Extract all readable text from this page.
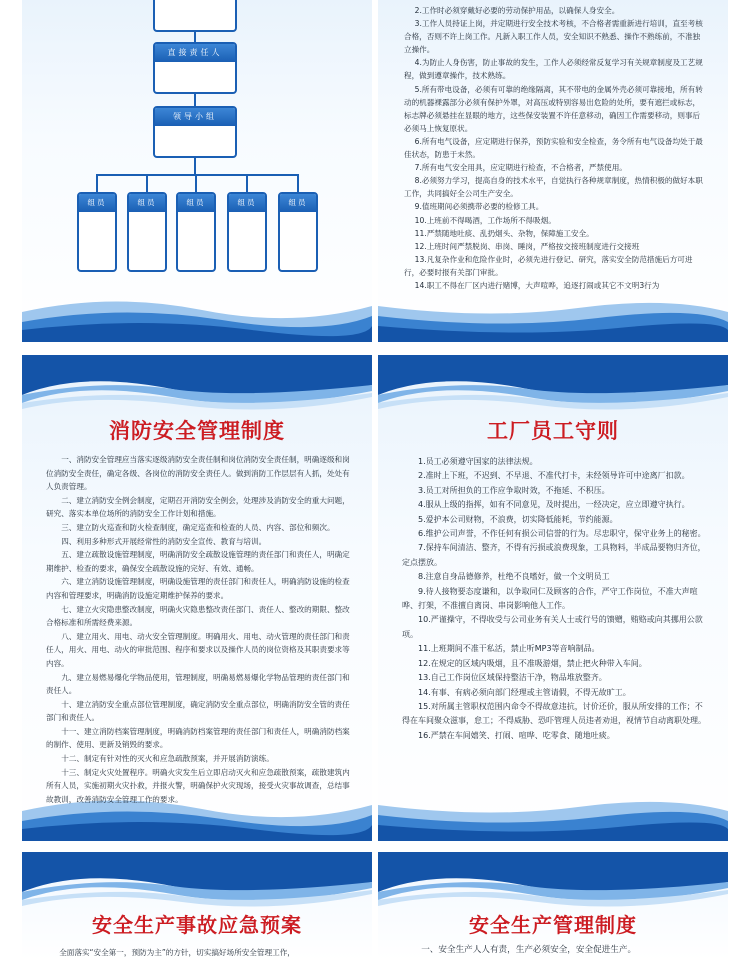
直接责任人
领导小组
组员	组员	组员	组员	组员

2.工作时必须穿戴好必要的劳动保护用品，以确保人身安全。

3.工作人员持证上岗，并定期进行安全技术考核，不合格者需重新进行培训，直至考核合格，否则不许上岗工作。凡新入职工作人员，安全知识不熟悉、操作不熟练前，不准独立操作。

4.为防止人身伤害，防止事故的发生，工作人必须经常反复学习有关规章制度及工艺规程，做到遵章操作，技术熟练。

5.所有带电设备，必须有可靠的绝缘隔离，其不带电的金属外壳必须可靠接地，所有转动的机器裸露部分必须有保护外罩，对高压或特别容易出危险的处所，要有遮拦或标志，标志牌必须悬挂在显眼的地方，这些保安装置不许任意移动，确因工作需要移动，则事后必须马上恢复原状。

6.所有电气设备，应定期进行保养，预防实验和安全检查，务令所有电气设备均处于最佳状态，防患于未然。

7.所有电气安全用具，应定期进行检查，不合格者，严禁使用。

8.必须努力学习，提高自身的技术水平，自觉执行各种规章制度，热情积极的做好本职工作，共同搞好全公司生产安全。

9.值班期间必须携带必要的检修工具。

10.上班前不得喝酒，工作场所不得吸烟。

11.严禁随地吐痰、乱扔烟头、杂物，保障施工安全。

12.上班时间严禁脱岗、串岗、睡岗，严格按交接班制度进行交接班

13.凡复杂作业和危险作业时，必须先进行登记、研究，落实安全防范措施后方可进行，必要时报有关部门审批。

14.职工不得在厂区内进行赌博，大声喧哗，追逐打闹或其它不文明3行为

消防安全管理制度

一、消防安全管理应当落实逐级消防安全责任制和岗位消防安全责任制，明确逐级和岗位消防安全责任，确定各级、各岗位的消防安全责任人。做到消防工作层层有人抓，处处有人负责管理。

二、建立消防安全例会制度，定期召开消防安全例会，处理涉及消防安全的重大问题，研究、落实本单位场所的消防安全工作计划和措施。

三、建立防火巡查和防火检查制度，确定巡查和检查的人员、内容、部位和频次。

四、利用多种形式开展经常性的消防安全宣传、教育与培训。

五、建立疏散设施管理制度，明确消防安全疏散设施管理的责任部门和责任人，明确定期维护、检查的要求，确保安全疏散设施的完好、有效、通畅。

六、建立消防设施管理制度，明确设施管理的责任部门和责任人，明确消防设施的检查内容和管理要求，明确消防设施定期维护保养的要求。

七、建立火灾隐患整改制度，明确火灾隐患整改责任部门、责任人、整改的期限、整改合格标准和所需经费来源。

八、建立用火、用电、动火安全管理制度。明确用火、用电、动火管理的责任部门和责任人，用火、用电、动火的审批范围、程序和要求以及操作人员的岗位资格及其职责要求等内容。

九、建立易燃易爆化学物品使用，管理制度，明确易燃易爆化学物品管理的责任部门和责任人。

十、建立消防安全重点部位管理制度，确定消防安全重点部位，明确消防安全管的责任部门和责任人。

十一、建立消防档案管理制度，明确消防档案管理的责任部门和责任人，明确消防档案的制作、使用、更新及销毁的要求。

十二、制定有针对性的灭火和应急疏散预案，并开展消防演练。

十三、制定火灾处置程序。明确火灾发生后立即启动灭火和应急疏散预案，疏散建筑内所有人员，实施初期火灾扑救，并报火警，明确保护火灾现场，接受火灾事故调查，总结事故教训，改善消防安全管理工作的要求。

工厂员工守则

1.员工必须遵守国家的法律法规。

2.准时上下班，不迟到、不早退、不准代打卡，未经领导许可中途离厂扣款。

3.员工对所担负的工作应争取时效，不拖延、不积压。

4.服从上级的指挥，如有不同意见，及时提出，一经决定，应立即遵守执行。

5.爱护本公司财物，不浪费，切实降低能耗，节约能源。

6.维护公司声誉，不作任何有损公司信誉的行为。尽忠职守，保守业务上的秘密。

7.保持车间清洁、整齐，不得有污损或浪费现象，工具物料，半成品要物归齐位，定点摆放。

8.注意自身品德修养，杜绝不良嗜好，做一个文明员工

9.待人接物要态度谦和，以争取同仁及顾客的合作，严守工作岗位，不准大声喧哗、打架，不准擅自离岗、串岗影响他人工作。

10.严谨操守，不得收受与公司业务有关人士或行号的馈赠，贿赂或向其挪用公款项。

11.上班期间不准干私活，禁止听MP3等音响制品。

12.在规定的区域内吸烟，且不准吸游烟，禁止把火种带入车间。

13.自己工作岗位区域保持整洁干净，物品堆放整齐。

14.有事、有病必须向部门经理或主管请假，不得无故旷工。

15.对所属主管职权范围内命令不得故意违抗，讨价还价，服从所安排的工作；不得在车间聚众滋事，怠工；不得威胁、恐吓管理人员违者劝退，视情节自动离职处理。

16.严禁在车间嬉笑、打闹、喧哗、吃零食、随地吐痰。

安全生产事故应急预案

全面落实“安全第一，预防为主”的方针，切实搞好场所安全管理工作，

安全生产管理制度

一、安全生产人人有责，生产必须安全，安全促进生产。
